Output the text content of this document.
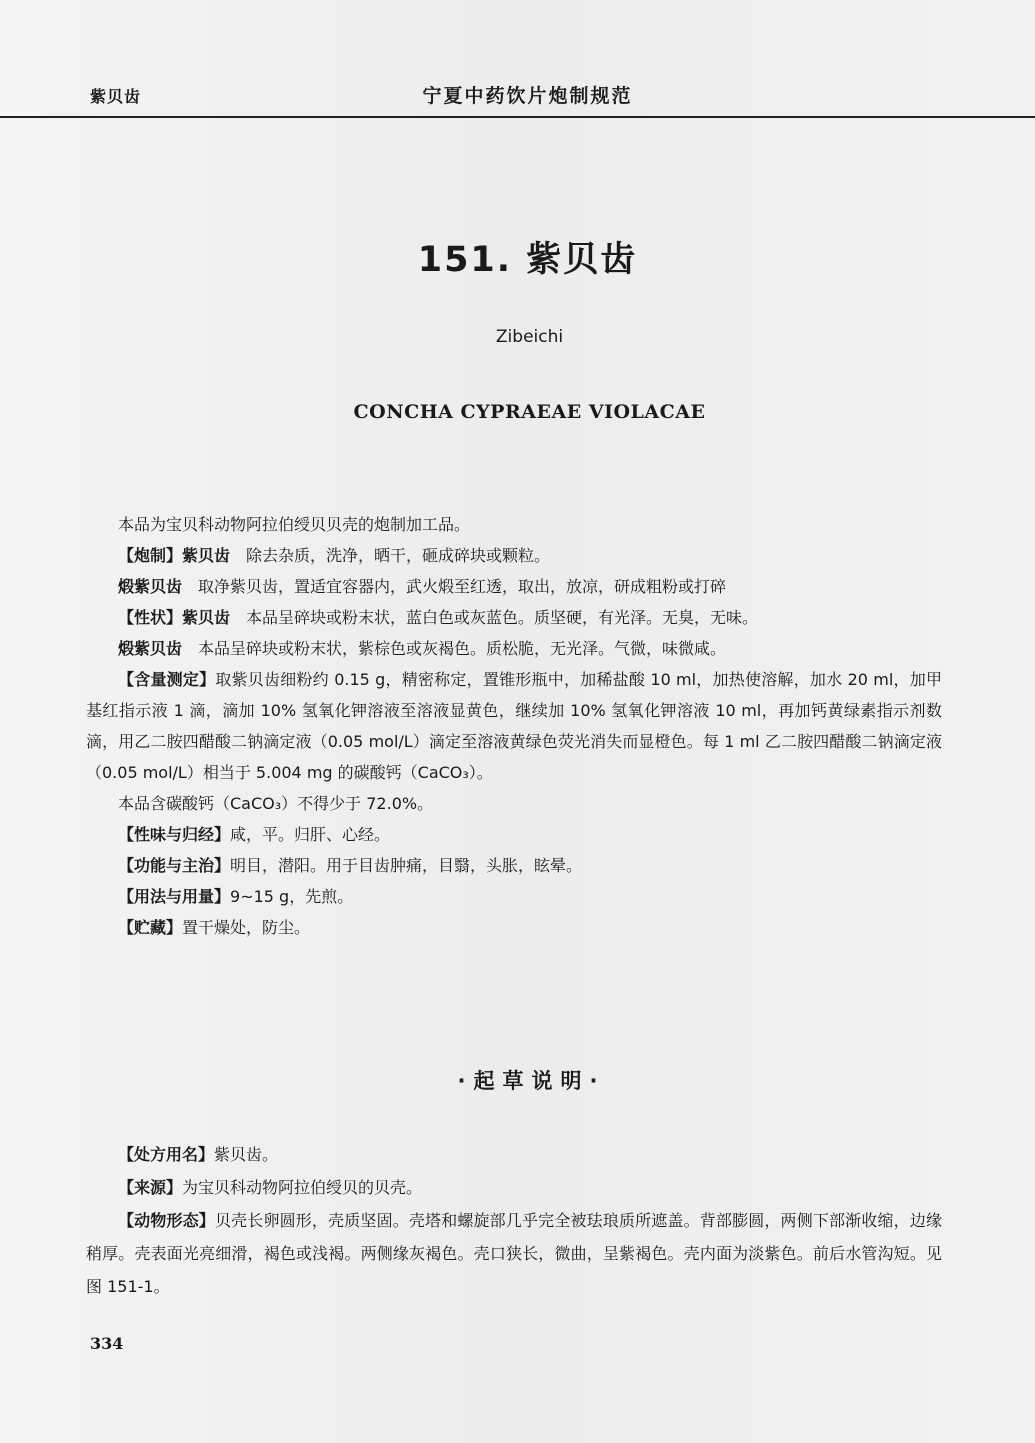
紫贝齿	宁夏中药饮片炮制规范
151. 紫贝齿
Zibeichi
CONCHA CYPRAEAE VIOLACAE

本品为宝贝科动物阿拉伯绶贝贝壳的炮制加工品。

【炮制】紫贝齿　除去杂质，洗净，晒干，砸成碎块或颗粒。

煅紫贝齿　取净紫贝齿，置适宜容器内，武火煅至红透，取出，放凉，研成粗粉或打碎

【性状】紫贝齿　本品呈碎块或粉末状，蓝白色或灰蓝色。质坚硬，有光泽。无臭，无味。

煅紫贝齿　本品呈碎块或粉末状，紫棕色或灰褐色。质松脆，无光泽。气微，味微咸。

【含量测定】取紫贝齿细粉约 0.15 g，精密称定，置锥形瓶中，加稀盐酸 10 ml，加热使溶解，加水 20 ml，加甲基红指示液 1 滴，滴加 10% 氢氧化钾溶液至溶液显黄色，继续加 10% 氢氧化钾溶液 10 ml，再加钙黄绿素指示剂数滴，用乙二胺四醋酸二钠滴定液（0.05 mol/L）滴定至溶液黄绿色荧光消失而显橙色。每 1 ml 乙二胺四醋酸二钠滴定液（0.05 mol/L）相当于 5.004 mg 的碳酸钙（CaCO₃）。

本品含碳酸钙（CaCO₃）不得少于 72.0%。

【性味与归经】咸，平。归肝、心经。

【功能与主治】明目，潜阳。用于目齿肿痛，目翳，头胀，眩晕。

【用法与用量】9~15 g，先煎。

【贮藏】置干燥处，防尘。

·起草说明·

【处方用名】紫贝齿。

【来源】为宝贝科动物阿拉伯绶贝的贝壳。

【动物形态】贝壳长卵圆形，壳质坚固。壳塔和螺旋部几乎完全被珐琅质所遮盖。背部膨圆，两侧下部渐收缩，边缘稍厚。壳表面光亮细滑，褐色或浅褐。两侧缘灰褐色。壳口狭长，微曲，呈紫褐色。壳内面为淡紫色。前后水管沟短。见图 151-1。

334
